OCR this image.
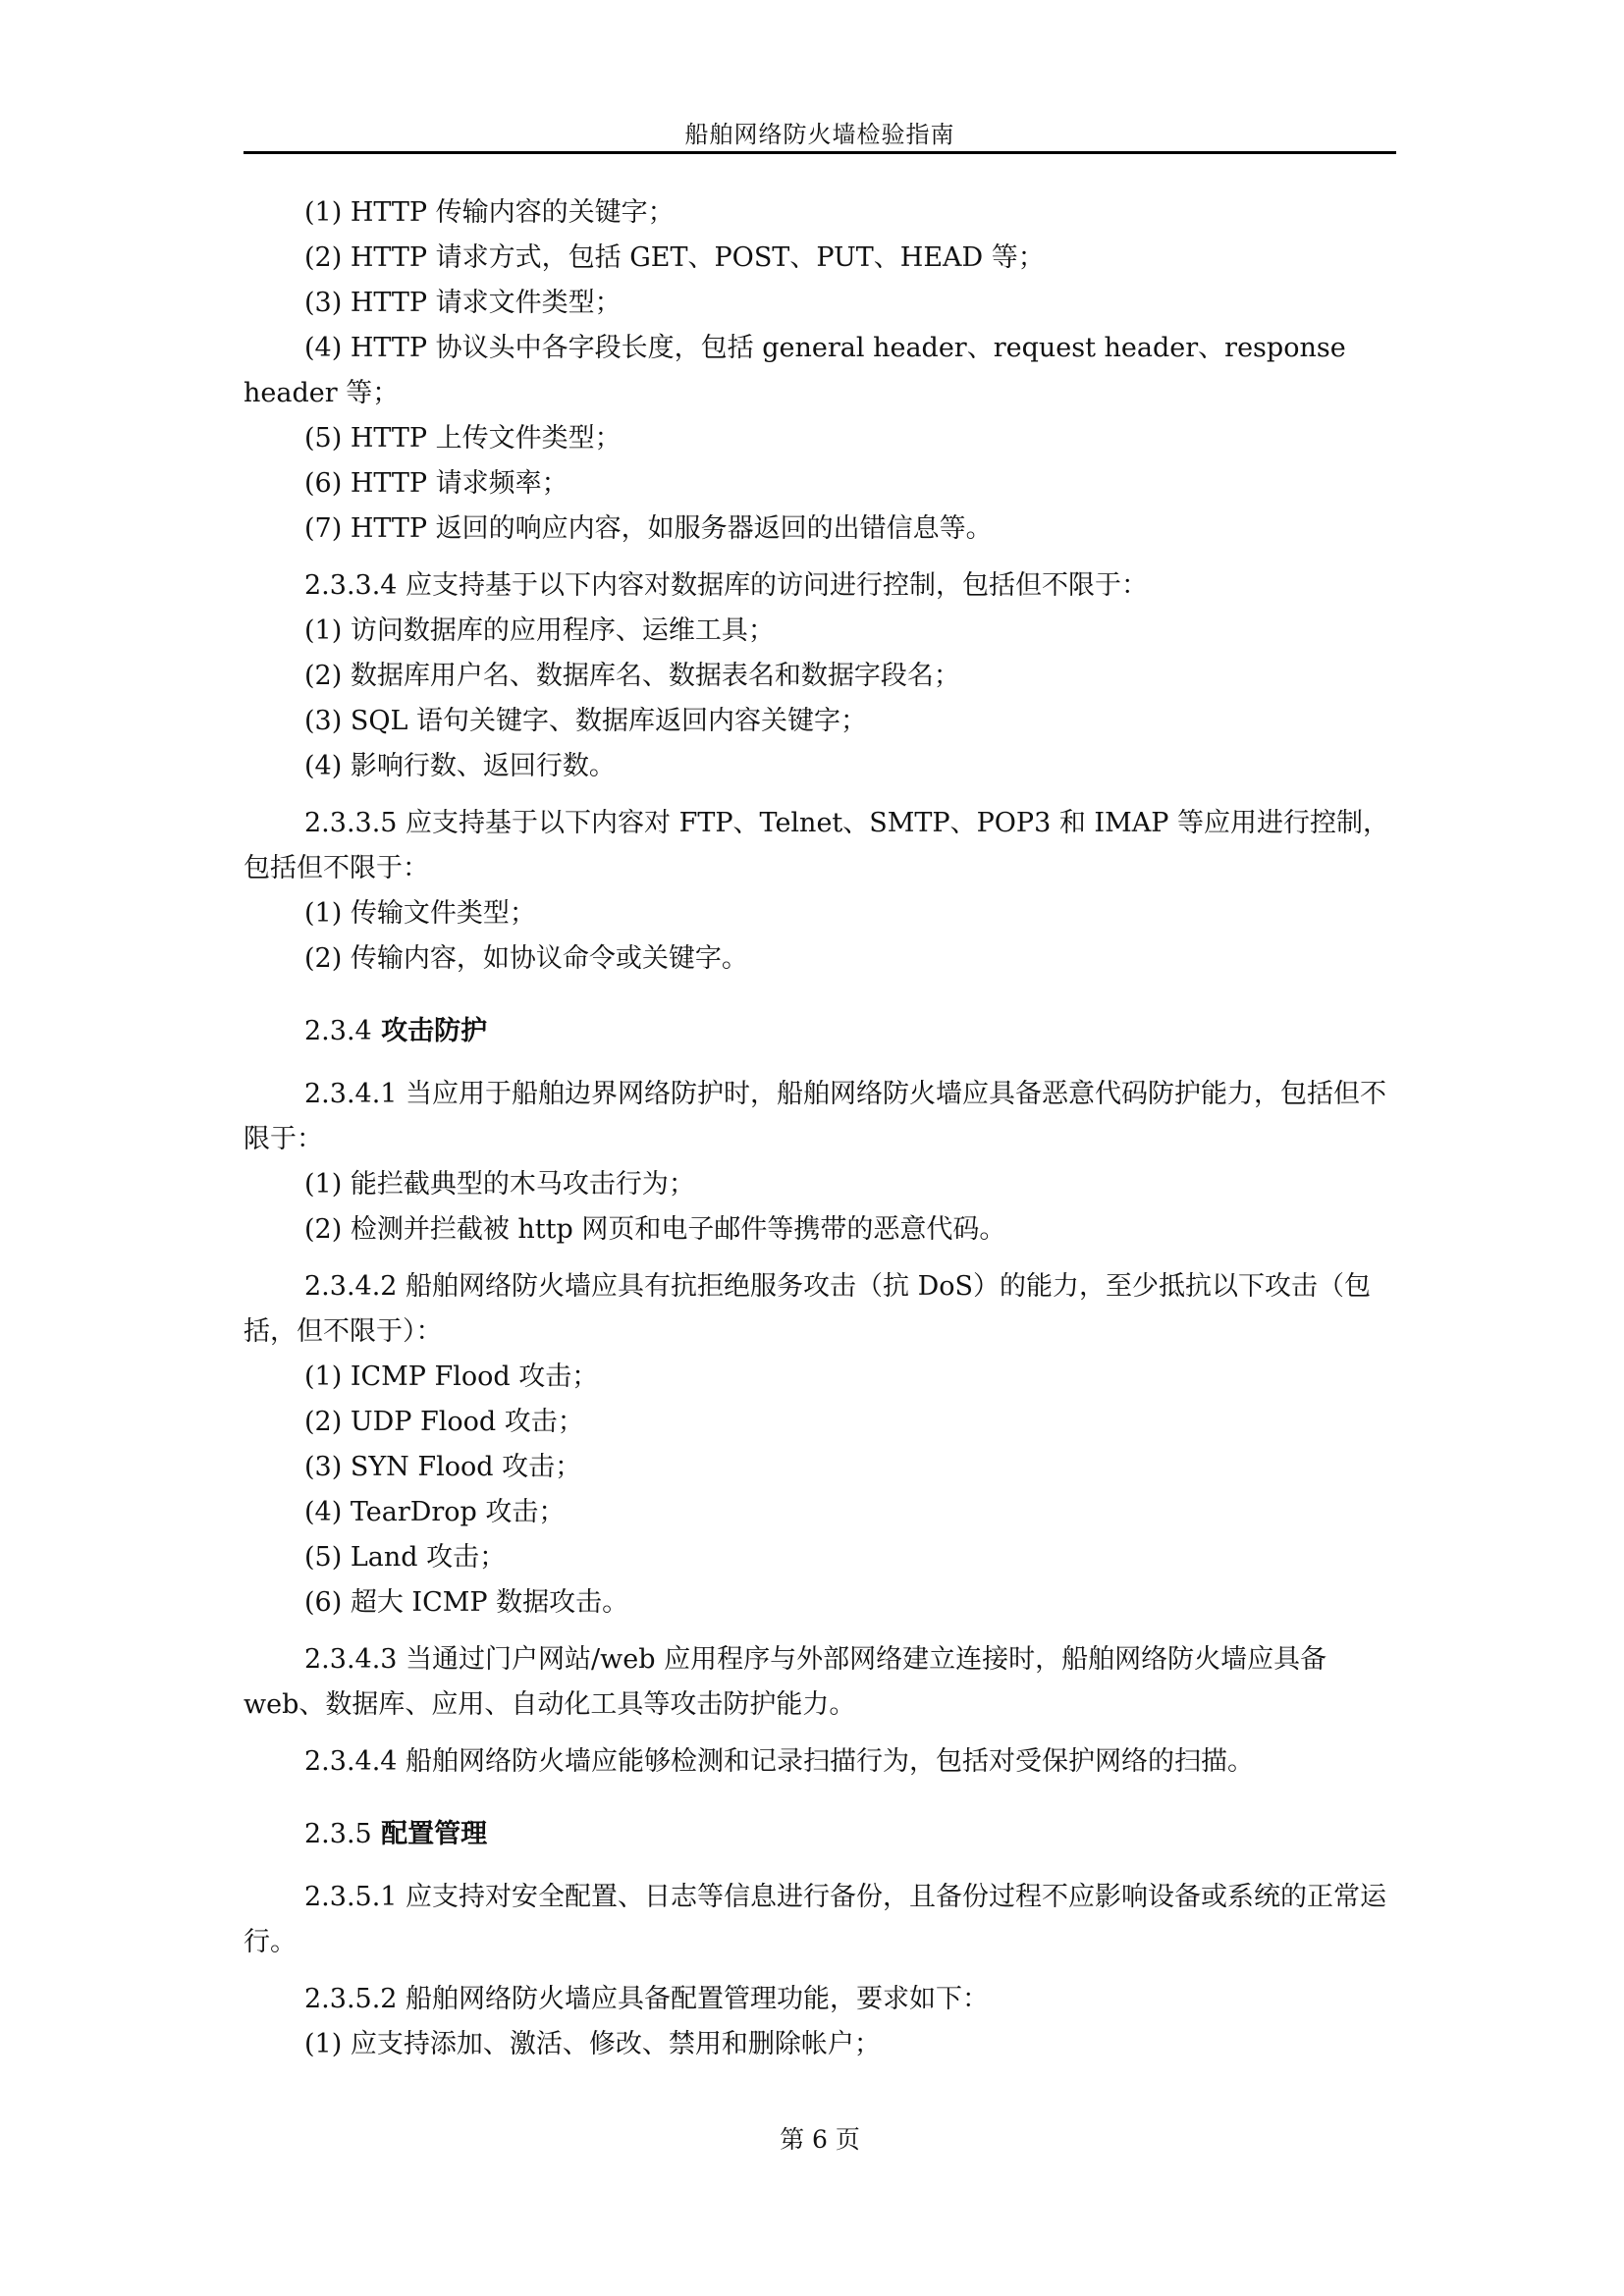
船舶网络防火墙检验指南

(1) HTTP 传输内容的关键字；

(2) HTTP 请求方式，包括 GET、POST、PUT、HEAD 等；

(3) HTTP 请求文件类型；

(4) HTTP 协议头中各字段长度，包括 general header、request header、response header 等；

(5) HTTP 上传文件类型；

(6) HTTP 请求频率；

(7) HTTP 返回的响应内容，如服务器返回的出错信息等。

2.3.3.4 应支持基于以下内容对数据库的访问进行控制，包括但不限于：

(1) 访问数据库的应用程序、运维工具；

(2) 数据库用户名、数据库名、数据表名和数据字段名；

(3) SQL 语句关键字、数据库返回内容关键字；

(4) 影响行数、返回行数。

2.3.3.5 应支持基于以下内容对 FTP、Telnet、SMTP、POP3 和 IMAP 等应用进行控制，包括但不限于：

(1) 传输文件类型；

(2) 传输内容，如协议命令或关键字。

2.3.4 攻击防护

2.3.4.1 当应用于船舶边界网络防护时，船舶网络防火墙应具备恶意代码防护能力，包括但不限于：

(1) 能拦截典型的木马攻击行为；

(2) 检测并拦截被 http 网页和电子邮件等携带的恶意代码。

2.3.4.2 船舶网络防火墙应具有抗拒绝服务攻击（抗 DoS）的能力，至少抵抗以下攻击（包括，但不限于）：

(1) ICMP Flood 攻击；

(2) UDP Flood 攻击；

(3) SYN Flood 攻击；

(4) TearDrop 攻击；

(5) Land 攻击；

(6) 超大 ICMP 数据攻击。

2.3.4.3 当通过门户网站/web 应用程序与外部网络建立连接时，船舶网络防火墙应具备 web、数据库、应用、自动化工具等攻击防护能力。

2.3.4.4 船舶网络防火墙应能够检测和记录扫描行为，包括对受保护网络的扫描。

2.3.5 配置管理

2.3.5.1 应支持对安全配置、日志等信息进行备份，且备份过程不应影响设备或系统的正常运行。

2.3.5.2 船舶网络防火墙应具备配置管理功能，要求如下：

(1) 应支持添加、激活、修改、禁用和删除帐户；

第 6 页
